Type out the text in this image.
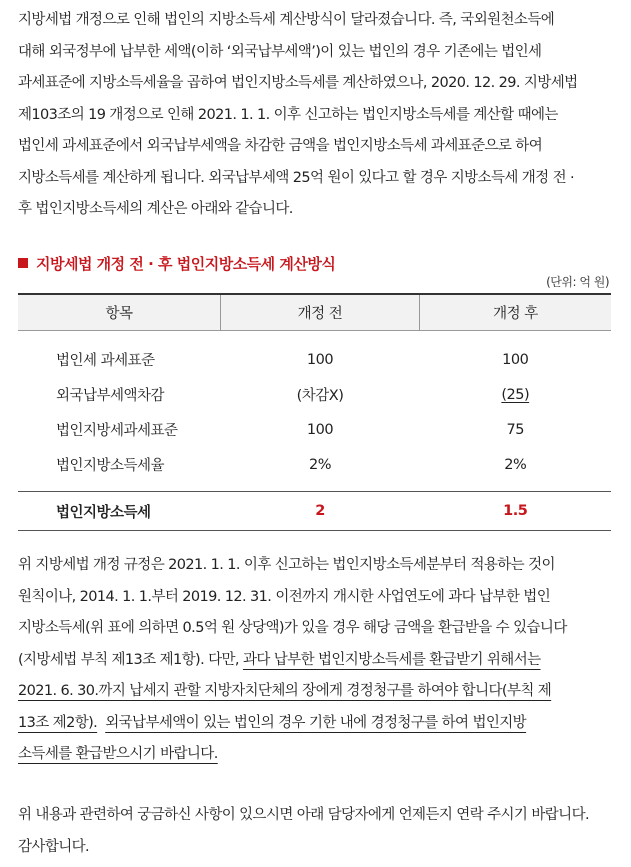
지방세법 개정으로 인해 법인의 지방소득세 계산방식이 달라졌습니다. 즉, 국외원천소득에
대해 외국정부에 납부한 세액(이하 ‘외국납부세액’)이 있는 법인의 경우 기존에는 법인세
과세표준에 지방소득세율을 곱하여 법인지방소득세를 계산하였으나, 2020. 12. 29. 지방세법
제103조의 19 개정으로 인해 2021. 1. 1. 이후 신고하는 법인지방소득세를 계산할 때에는
법인세 과세표준에서 외국납부세액을 차감한 금액을 법인지방소득세 과세표준으로 하여
지방소득세를 계산하게 됩니다. 외국납부세액 25억 원이 있다고 할 경우 지방소득세 개정 전 ·
후 법인지방소득세의 계산은 아래와 같습니다.

지방세법 개정 전 · 후 법인지방소득세 계산방식
(단위: 억 원)
항목	개정 전	개정 후
법인세 과세표준	100	100
외국납부세액차감	(차감X)	(25)
법인지방세과세표준	100	75
법인지방소득세율	2%	2%
법인지방소득세	2	1.5

위 지방세법 개정 규정은 2021. 1. 1. 이후 신고하는 법인지방소득세분부터 적용하는 것이
원칙이나, 2014. 1. 1.부터 2019. 12. 31. 이전까지 개시한 사업연도에 과다 납부한 법인
지방소득세(위 표에 의하면 0.5억 원 상당액)가 있을 경우 해당 금액을 환급받을 수 있습니다
(지방세법 부칙 제13조 제1항). 다만, 과다 납부한 법인지방소득세를 환급받기 위해서는
2021. 6. 30.까지 납세지 관할 지방자치단체의 장에게 경정청구를 하여야 합니다(부칙 제
13조 제2항). 외국납부세액이 있는 법인의 경우 기한 내에 경정청구를 하여 법인지방
소득세를 환급받으시기 바랍니다.

위 내용과 관련하여 궁금하신 사항이 있으시면 아래 담당자에게 언제든지 연락 주시기 바랍니다.
감사합니다.
